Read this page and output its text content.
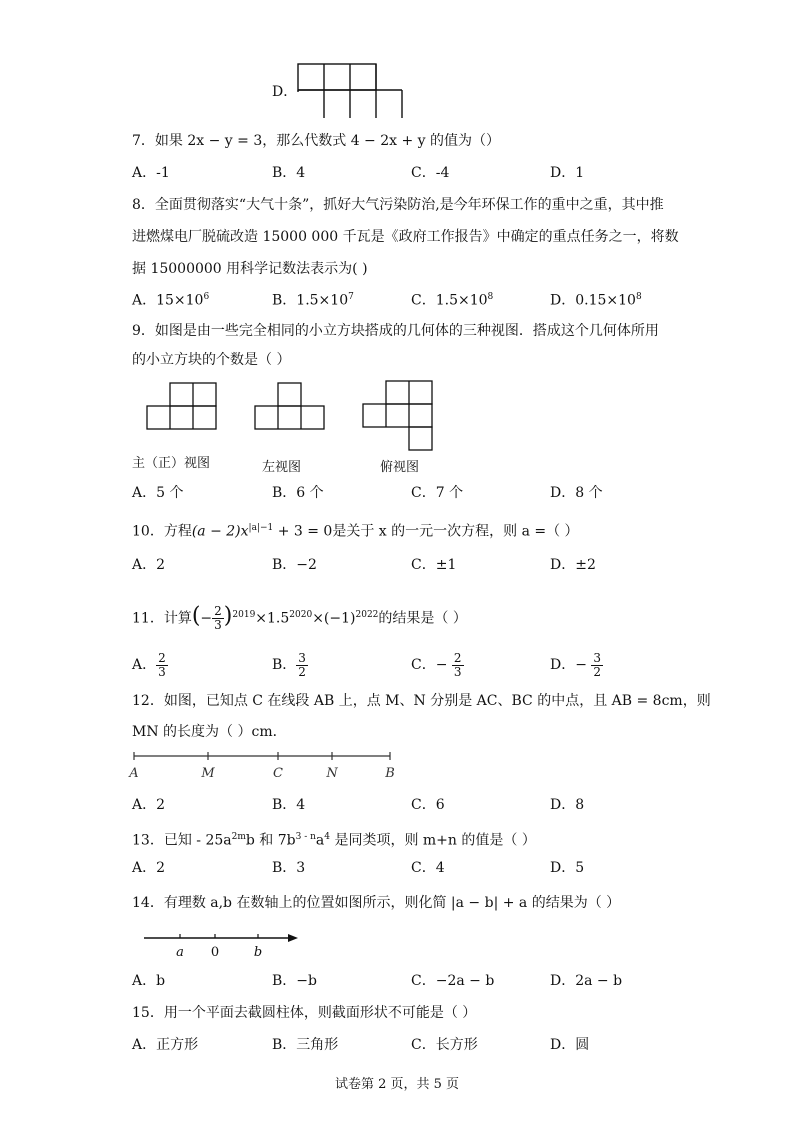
D．
7．如果 2x − y = 3，那么代数式 4 − 2x + y 的值为（）
A．-1	B．4	C．-4	D．1
8．全面贯彻落实“大气十条”，抓好大气污染防治,是今年环保工作的重中之重，其中推
进燃煤电厂脱硫改造 15000 000 千瓦是《政府工作报告》中确定的重点任务之一，将数
据 15000000 用科学记数法表示为( )
A．$15\times 10^6$	B．$1.5\times 10^7$	C．$1.5\times 10^8$	D．$0.15\times 10^8$
9．如图是由一些完全相同的小立方块搭成的几何体的三种视图．搭成这个几何体所用
的小立方块的个数是（ ）
主（正）视图	左视图	俯视图
A．5 个	B．6 个	C．7 个	D．8 个
10．方程$(a - 2)x^{|a|-1} + 3 = 0$是关于 x 的一元一次方程，则 a =（ ）
A．2	B．−2	C．±1	D．±2
11．计算(− $\frac{2}{3} )^{2019}\times 1.5^{2020}\times(-1)^{2022}$的结果是（ ）
A． $\frac{2}{3}$	B． $\frac{3}{2}$	C．− $\frac{2}{3}$	D．− $\frac{3}{2}$
12．如图，已知点 C 在线段 AB 上，点 M、N 分别是 AC、BC 的中点，且 AB = 8cm，则
MN 的长度为（ ）cm．
A	M	C	N	B
A．2	B．4	C．6	D．8
13．已知 - $25a^{2m}b$ 和 $7b^{3 - n}a^4$ 是同类项，则 m+n 的值是（ ）
A．2	B．3	C．4	D．5
14．有理数 a,b 在数轴上的位置如图所示，则化简 |a − b| + a 的结果为（ ）
a 0	b
A．b	B．−b	C．−2a − b	D．2a − b
15．用一个平面去截圆柱体，则截面形状不可能是（ ）
A．正方形	B．三角形	C．长方形	D．圆
试卷第 2 页，共 5 页
